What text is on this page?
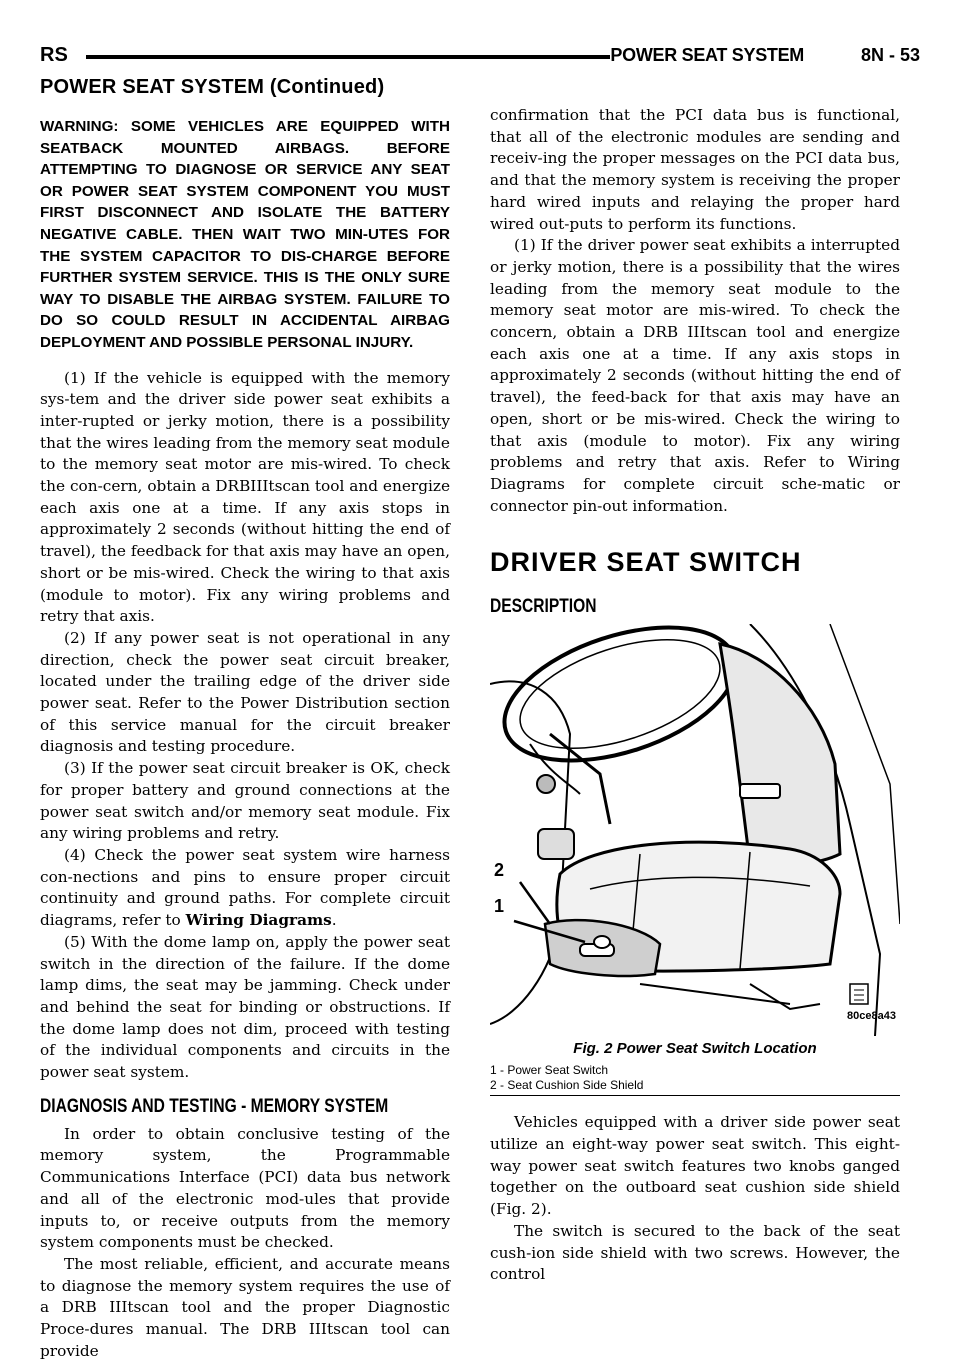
RS	POWER SEAT SYSTEM	8N - 53
POWER SEAT SYSTEM (Continued)
WARNING: SOME VEHICLES ARE EQUIPPED WITH SEATBACK MOUNTED AIRBAGS. BEFORE ATTEMPTING TO DIAGNOSE OR SERVICE ANY SEAT OR POWER SEAT SYSTEM COMPONENT YOU MUST FIRST DISCONNECT AND ISOLATE THE BATTERY NEGATIVE CABLE. THEN WAIT TWO MIN-UTES FOR THE SYSTEM CAPACITOR TO DIS-CHARGE BEFORE FURTHER SYSTEM SERVICE. THIS IS THE ONLY SURE WAY TO DISABLE THE AIRBAG SYSTEM. FAILURE TO DO SO COULD RESULT IN ACCIDENTAL AIRBAG DEPLOYMENT AND POSSIBLE PERSONAL INJURY.

(1) If the vehicle is equipped with the memory sys-tem and the driver side power seat exhibits a inter-rupted or jerky motion, there is a possibility that the wires leading from the memory seat module to the memory seat motor are mis-wired. To check the con-cern, obtain a DRBIIItscan tool and energize each axis one at a time. If any axis stops in approximately 2 seconds (without hitting the end of travel), the feedback for that axis may have an open, short or be mis-wired. Check the wiring to that axis (module to motor). Fix any wiring problems and retry that axis.

(2) If any power seat is not operational in any direction, check the power seat circuit breaker, located under the trailing edge of the driver side power seat. Refer to the Power Distribution section of this service manual for the circuit breaker diagnosis and testing procedure.

(3) If the power seat circuit breaker is OK, check for proper battery and ground connections at the power seat switch and/or memory seat module. Fix any wiring problems and retry.

(4) Check the power seat system wire harness con-nections and pins to ensure proper circuit continuity and ground paths. For complete circuit diagrams, refer to Wiring Diagrams.

(5) With the dome lamp on, apply the power seat switch in the direction of the failure. If the dome lamp dims, the seat may be jamming. Check under and behind the seat for binding or obstructions. If the dome lamp does not dim, proceed with testing of the individual components and circuits in the power seat system.

DIAGNOSIS AND TESTING - MEMORY SYSTEM

In order to obtain conclusive testing of the memory system, the Programmable Communications Interface (PCI) data bus network and all of the electronic mod-ules that provide inputs to, or receive outputs from the memory system components must be checked.

The most reliable, efficient, and accurate means to diagnose the memory system requires the use of a DRB IIItscan tool and the proper Diagnostic Proce-dures manual. The DRB IIItscan tool can provide

confirmation that the PCI data bus is functional, that all of the electronic modules are sending and receiv-ing the proper messages on the PCI data bus, and that the memory system is receiving the proper hard wired inputs and relaying the proper hard wired out-puts to perform its functions.

(1) If the driver power seat exhibits a interrupted or jerky motion, there is a possibility that the wires leading from the memory seat module to the memory seat motor are mis-wired. To check the concern, obtain a DRB IIItscan tool and energize each axis one at a time. If any axis stops in approximately 2 seconds (without hitting the end of travel), the feed-back for that axis may have an open, short or be mis-wired. Check the wiring to that axis (module to motor). Fix any wiring problems and retry that axis. Refer to Wiring Diagrams for complete circuit sche-matic or connector pin-out information.

DRIVER SEAT SWITCH
DESCRIPTION
2
1
80ce8a43
Fig. 2 Power Seat Switch Location
1 - Power Seat Switch
2 - Seat Cushion Side Shield

Vehicles equipped with a driver side power seat utilize an eight-way power seat switch. This eight-way power seat switch features two knobs ganged together on the outboard seat cushion side shield (Fig. 2).

The switch is secured to the back of the seat cush-ion side shield with two screws. However, the control
